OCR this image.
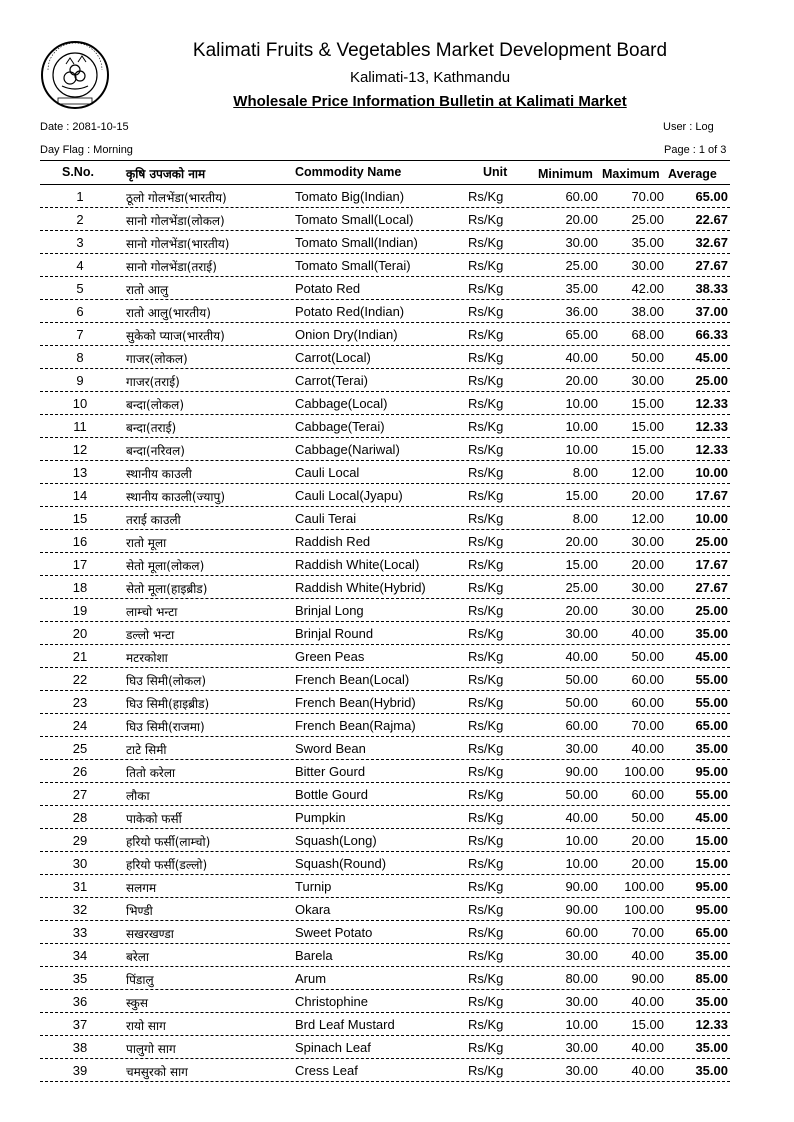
Kalimati Fruits & Vegetables Market Development Board
Kalimati-13, Kathmandu
Wholesale Price Information Bulletin at Kalimati Market
Date : 2081-10-15	User : Log
Day Flag : Morning	Page : 1 of 3
S.No.	कृषि उपजको नाम	Commodity Name	Unit Minimum Maximum Average
1	ठूलो गोलभेंडा(भारतीय)	Tomato Big(Indian)	Rs/Kg	60.00	70.00	65.00
2	सानो गोलभेंडा(लोकल)	Tomato Small(Local)	Rs/Kg	20.00	25.00	22.67
3	सानो गोलभेंडा(भारतीय)	Tomato Small(Indian)	Rs/Kg	30.00	35.00	32.67
4	सानो गोलभेंडा(तराई)	Tomato Small(Terai)	Rs/Kg	25.00	30.00	27.67
5	रातो आलु	Potato Red	Rs/Kg	35.00	42.00	38.33
6	रातो आलु(भारतीय)	Potato Red(Indian)	Rs/Kg	36.00	38.00	37.00
7	सुकेको प्याज(भारतीय)	Onion Dry(Indian)	Rs/Kg	65.00	68.00	66.33
8	गाजर(लोकल)	Carrot(Local)	Rs/Kg	40.00	50.00	45.00
9	गाजर(तराई)	Carrot(Terai)	Rs/Kg	20.00	30.00	25.00
10	बन्दा(लोकल)	Cabbage(Local)	Rs/Kg	10.00	15.00	12.33
11	बन्दा(तराई)	Cabbage(Terai)	Rs/Kg	10.00	15.00	12.33
12	बन्दा(नरिवल)	Cabbage(Nariwal)	Rs/Kg	10.00	15.00	12.33
13	स्थानीय काउली	Cauli Local	Rs/Kg	8.00	12.00	10.00
14	स्थानीय काउली(ज्यापु)	Cauli Local(Jyapu)	Rs/Kg	15.00	20.00	17.67
15	तराई काउली	Cauli Terai	Rs/Kg	8.00	12.00	10.00
16	रातो मूला	Raddish Red	Rs/Kg	20.00	30.00	25.00
17	सेतो मूला(लोकल)	Raddish White(Local)	Rs/Kg	15.00	20.00	17.67
18	सेतो मूला(हाइब्रीड)	Raddish White(Hybrid)	Rs/Kg	25.00	30.00	27.67
19	लाम्चो भन्टा	Brinjal Long	Rs/Kg	20.00	30.00	25.00
20	डल्लो भन्टा	Brinjal Round	Rs/Kg	30.00	40.00	35.00
21	मटरकोशा	Green Peas	Rs/Kg	40.00	50.00	45.00
22	घिउ सिमी(लोकल)	French Bean(Local)	Rs/Kg	50.00	60.00	55.00
23	घिउ सिमी(हाइब्रीड)	French Bean(Hybrid)	Rs/Kg	50.00	60.00	55.00
24	घिउ सिमी(राजमा)	French Bean(Rajma)	Rs/Kg	60.00	70.00	65.00
25	टाटे सिमी	Sword Bean	Rs/Kg	30.00	40.00	35.00
26	तितो करेला	Bitter Gourd	Rs/Kg	90.00	100.00	95.00
27	लौका	Bottle Gourd	Rs/Kg	50.00	60.00	55.00
28	पाकेको फर्सी	Pumpkin	Rs/Kg	40.00	50.00	45.00
29	हरियो फर्सी(लाम्चो)	Squash(Long)	Rs/Kg	10.00	20.00	15.00
30	हरियो फर्सी(डल्लो)	Squash(Round)	Rs/Kg	10.00	20.00	15.00
31	सलगम	Turnip	Rs/Kg	90.00	100.00	95.00
32	भिण्डी	Okara	Rs/Kg	90.00	100.00	95.00
33	सखरखण्डा	Sweet Potato	Rs/Kg	60.00	70.00	65.00
34	बरेला	Barela	Rs/Kg	30.00	40.00	35.00
35	पिंडालु	Arum	Rs/Kg	80.00	90.00	85.00
36	स्कुस	Christophine	Rs/Kg	30.00	40.00	35.00
37	रायो साग	Brd Leaf Mustard	Rs/Kg	10.00	15.00	12.33
38	पालुगो साग	Spinach Leaf	Rs/Kg	30.00	40.00	35.00
39	चमसुरको साग	Cress Leaf	Rs/Kg	30.00	40.00	35.00
